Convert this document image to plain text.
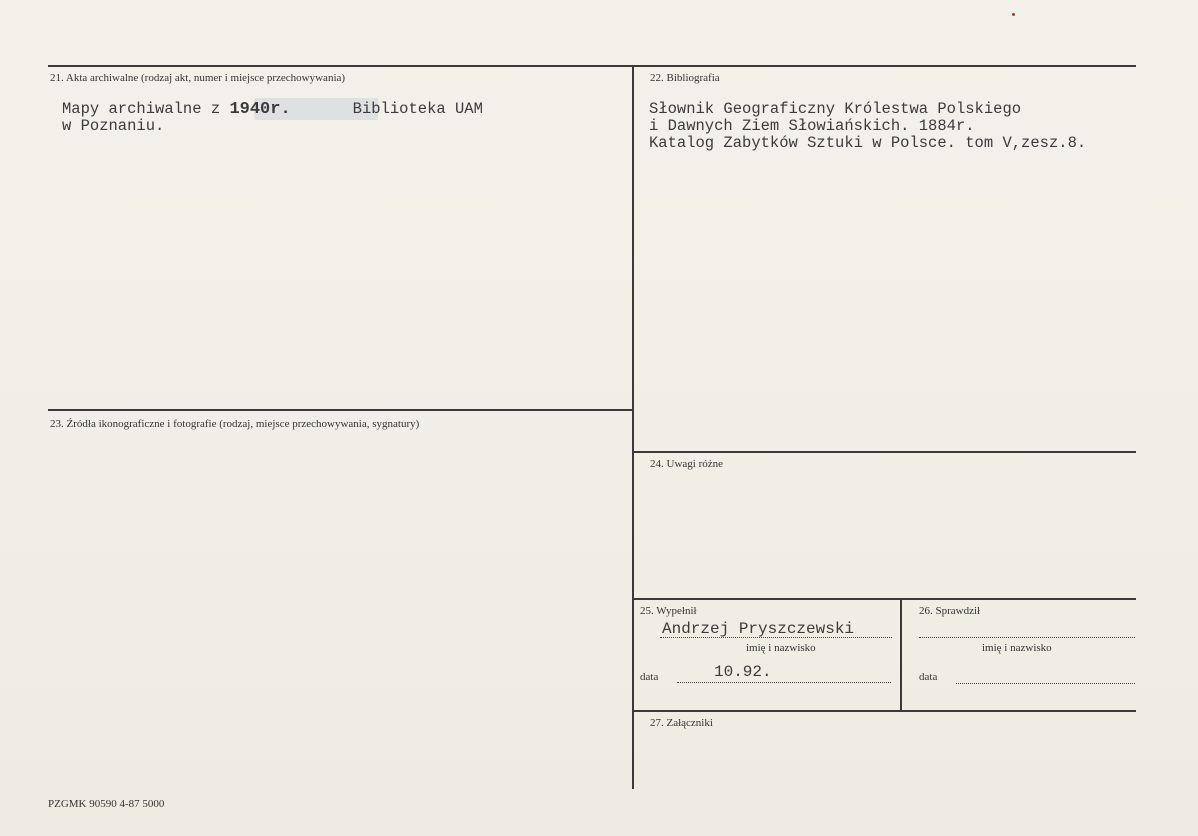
21. Akta archiwalne (rodzaj akt, numer i miejsce przechowywania)
Mapy archiwalne z 1940r.	Biblioteka UAM
w Poznaniu.
22. Bibliografia
Słownik Geograficzny Królestwa Polskiego
i Dawnych Ziem Słowiańskich. 1884r.
Katalog Zabytków Sztuki w Polsce. tom V,zesz.8.
23. Źródła ikonograficzne i fotografie (rodzaj, miejsce przechowywania, sygnatury)
24. Uwagi różne
25. Wypełnił
Andrzej Pryszczewski
imię i nazwisko
data	10.92.
26. Sprawdził
imię i nazwisko
data
27. Załączniki
PZGMK 90590 4-87 5000
